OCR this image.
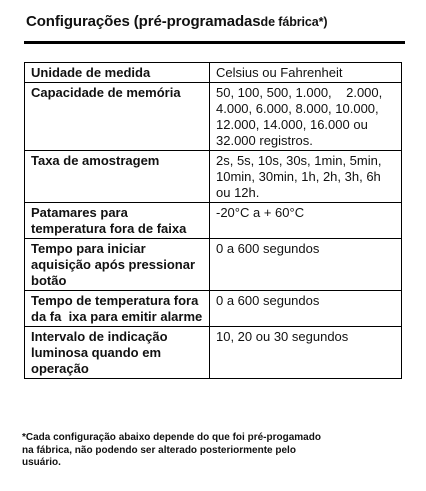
Configurações (pré-programadasde fábrica*)
Unidade de medida	Celsius ou Fahrenheit
Capacidade de memória	50, 100, 500, 1.000,    2.000, 4.000, 6.000, 8.000, 10.000, 12.000, 14.000, 16.000 ou 32.000 registros.
Taxa de amostragem	2s, 5s, 10s, 30s, 1min, 5min, 10min, 30min, 1h, 2h, 3h, 6h ou 12h.
Patamares para temperatura fora de faixa	-20°C a + 60°C
Tempo para iniciar aquisição após pressionar botão	0 a 600 segundos
Tempo de temperatura fora da fa  ixa para emitir alarme	0 a 600 segundos
Intervalo de indicação luminosa quando em operação	10, 20 ou 30 segundos
*Cada configuração abaixo depende do que foi pré-progamado na fábrica, não podendo ser alterado posteriormente pelo usuário.
